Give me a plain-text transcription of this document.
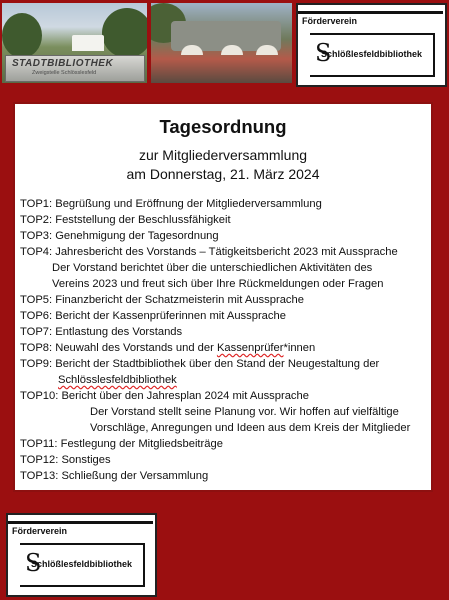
STADTBIBLIOTHEK
Zweigstelle Schlösslesfeld
Förderverein
S
Schlößlesfeldbibliothek
Tagesordnung
zur Mitgliederversammlung
am Donnerstag, 21. März 2024
TOP1: Begrüßung und Eröffnung der Mitgliederversammlung
TOP2: Feststellung der Beschlussfähigkeit
TOP3: Genehmigung der Tagesordnung
TOP4: Jahresbericht des Vorstands – Tätigkeitsbericht 2023 mit Aussprache
Der Vorstand berichtet über die unterschiedlichen Aktivitäten des
Vereins 2023 und freut sich über Ihre Rückmeldungen oder Fragen
TOP5: Finanzbericht der Schatzmeisterin mit Aussprache
TOP6: Bericht der Kassenprüferinnen mit Aussprache
TOP7: Entlastung des Vorstands
TOP8: Neuwahl des Vorstands und der Kassenprüfer*innen
TOP9: Bericht der Stadtbibliothek über den Stand der Neugestaltung der
Schlösslesfeldbibliothek
TOP10: Bericht über den Jahresplan 2024 mit Aussprache
Der Vorstand stellt seine Planung vor. Wir hoffen auf vielfältige
Vorschläge, Anregungen und Ideen aus dem Kreis der Mitglieder
TOP11: Festlegung der Mitgliedsbeiträge
TOP12: Sonstiges
TOP13: Schließung der Versammlung
Förderverein
S
Schlößlesfeldbibliothek
